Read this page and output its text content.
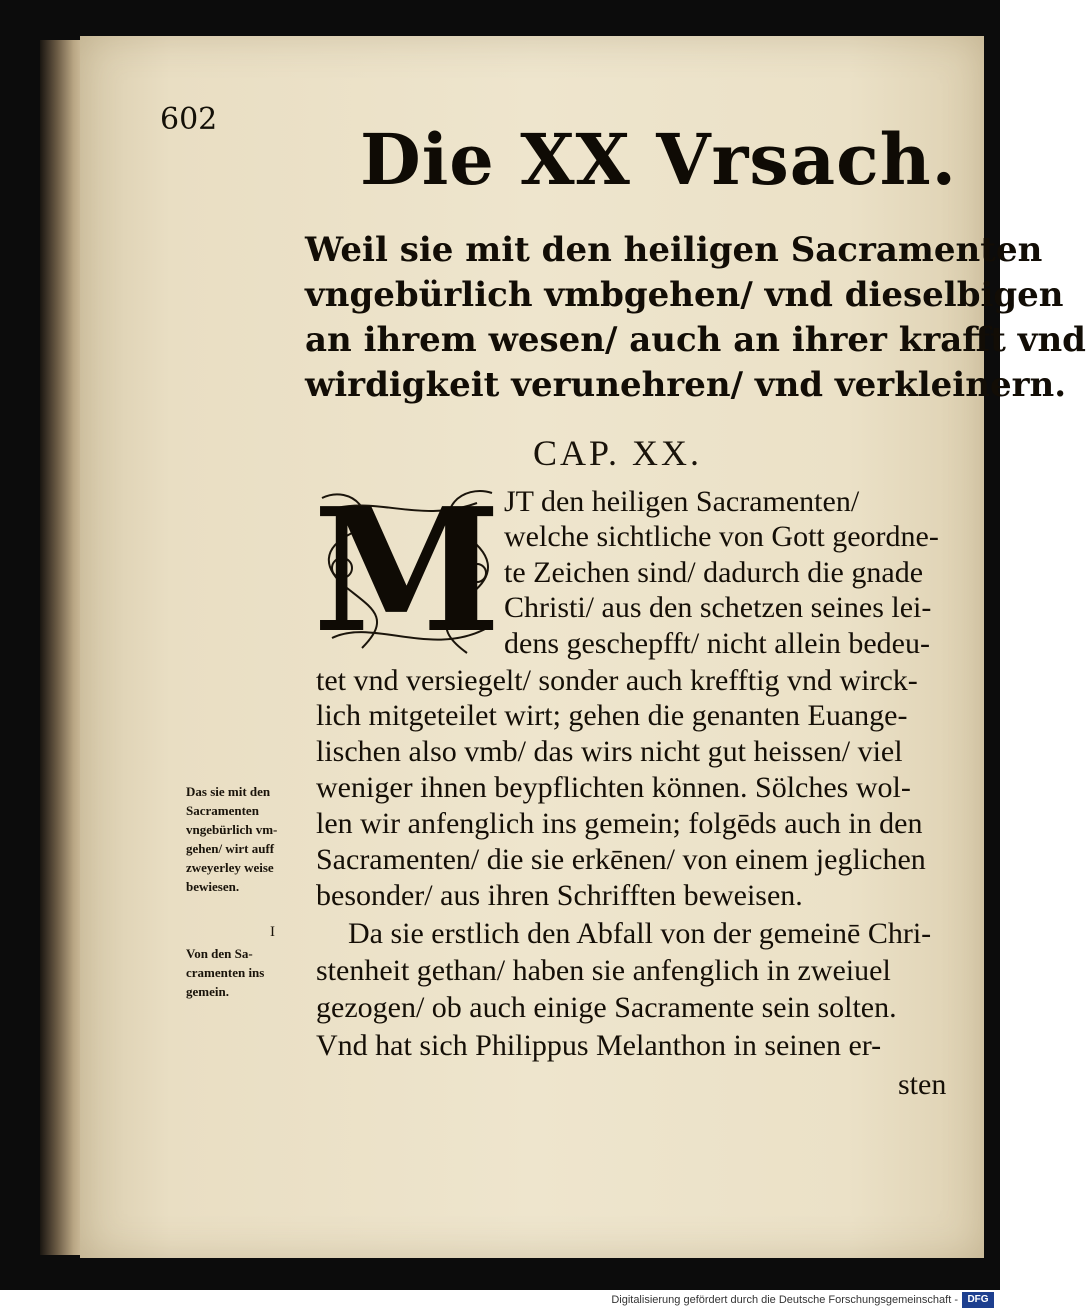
602 Die XX Vrsach.
Weil sie mit den heiligen Sacramenten
vngebürlich vmbgehen/ vnd dieselbigen
an ihrem wesen/ auch an ihrer krafft vnd
wirdigkeit verunehren/ vnd verkleinern.
CAP. XX.
M JT den heiligen Sacramenten/
welche sichtliche von Gott geordne-
te Zeichen sind/ dadurch die gnade
Christi/ aus den schetzen seines lei-
dens geschepfft/ nicht allein bedeu-
tet vnd versiegelt/ sonder auch krefftig vnd wirck-
lich mitgeteilet wirt; gehen die genanten Euange-
lischen also vmb/ das wirs nicht gut heissen/ viel
weniger ihnen beypflichten können. Sölches wol-
len wir anfenglich ins gemein; folgēds auch in den
Sacramenten/ die sie erkēnen/ von einem jeglichen
besonder/ aus ihren Schrifften beweisen.
Da sie erstlich den Abfall von der gemeinē Chri-
stenheit gethan/ haben sie anfenglich in zweiuel
gezogen/ ob auch einige Sacramente sein solten.
Vnd hat sich Philippus Melanthon in seinen er-
sten
Das sie mit den
Sacramenten
vngebürlich vm-
gehen/ wirt auff
zweyerley weise
bewiesen.
I
Von den Sa-
cramenten ins
gemein.
Digitalisierung gefördert durch die Deutsche Forschungsgemeinschaft - DFG
